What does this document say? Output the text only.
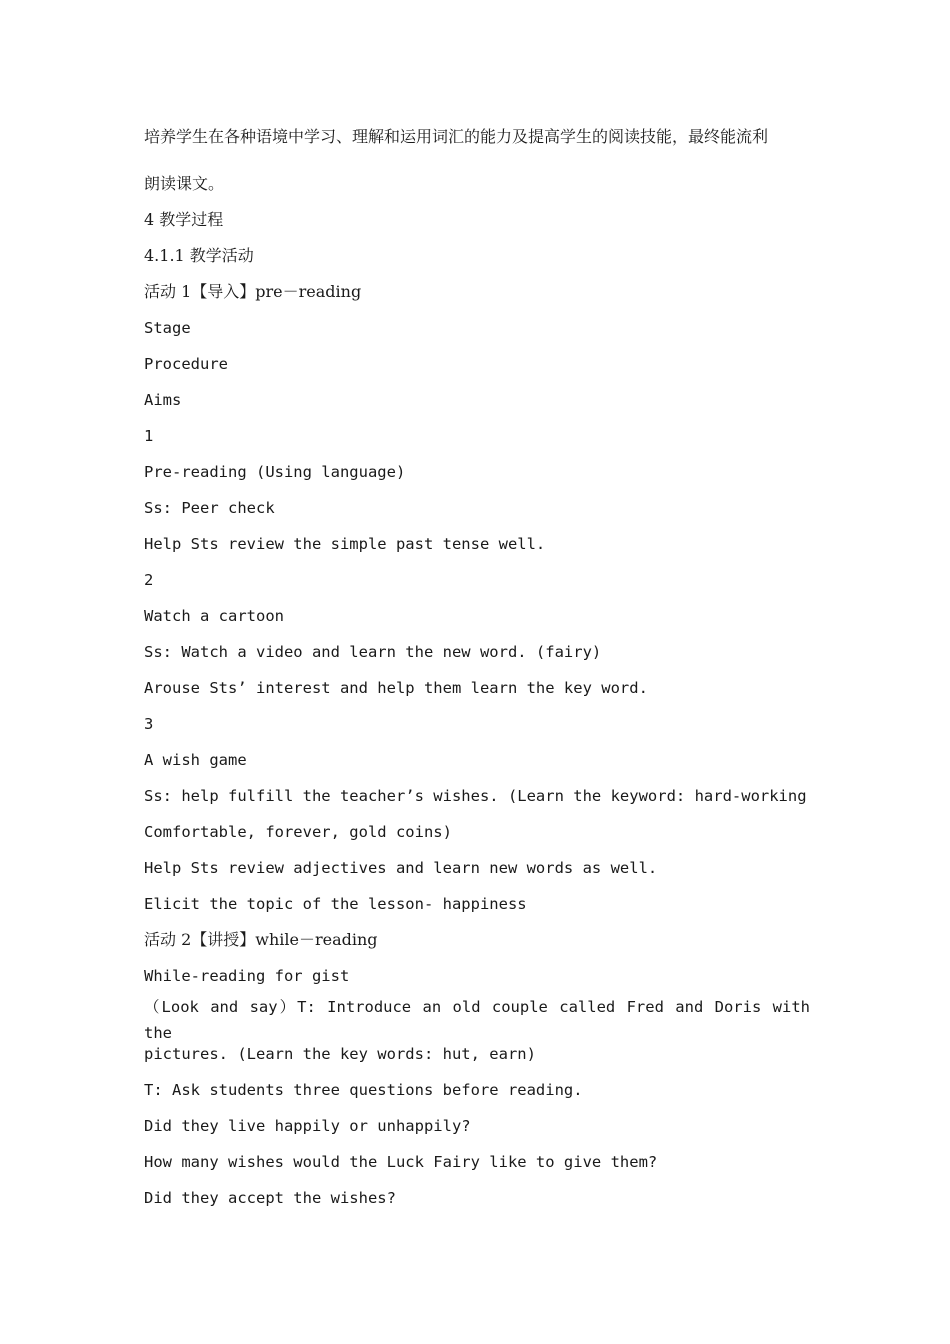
培养学生在各种语境中学习、理解和运用词汇的能力及提高学生的阅读技能，最终能流利
朗读课文。
4 教学过程
4.1.1 教学活动
活动 1【导入】pre－reading
Stage
Procedure
Aims
1
Pre-reading (Using language)
Ss: Peer check
Help Sts review the simple past tense well.
2
Watch a cartoon
Ss: Watch a video and learn the new word. (fairy)
Arouse Sts’ interest and help them learn the key word.
3
A wish game
Ss: help fulfill the teacher’s wishes. (Learn the keyword: hard-working
Comfortable, forever, gold coins)
Help Sts review adjectives and learn new words as well.
Elicit the topic of the lesson- happiness
活动 2【讲授】while－reading
While-reading for gist
（Look and say）T: Introduce an old couple called Fred and Doris with the
pictures. (Learn the key words: hut, earn)
T: Ask students three questions before reading.
Did they live happily or unhappily?
How many wishes would the Luck Fairy like to give them?
Did they accept the wishes?
